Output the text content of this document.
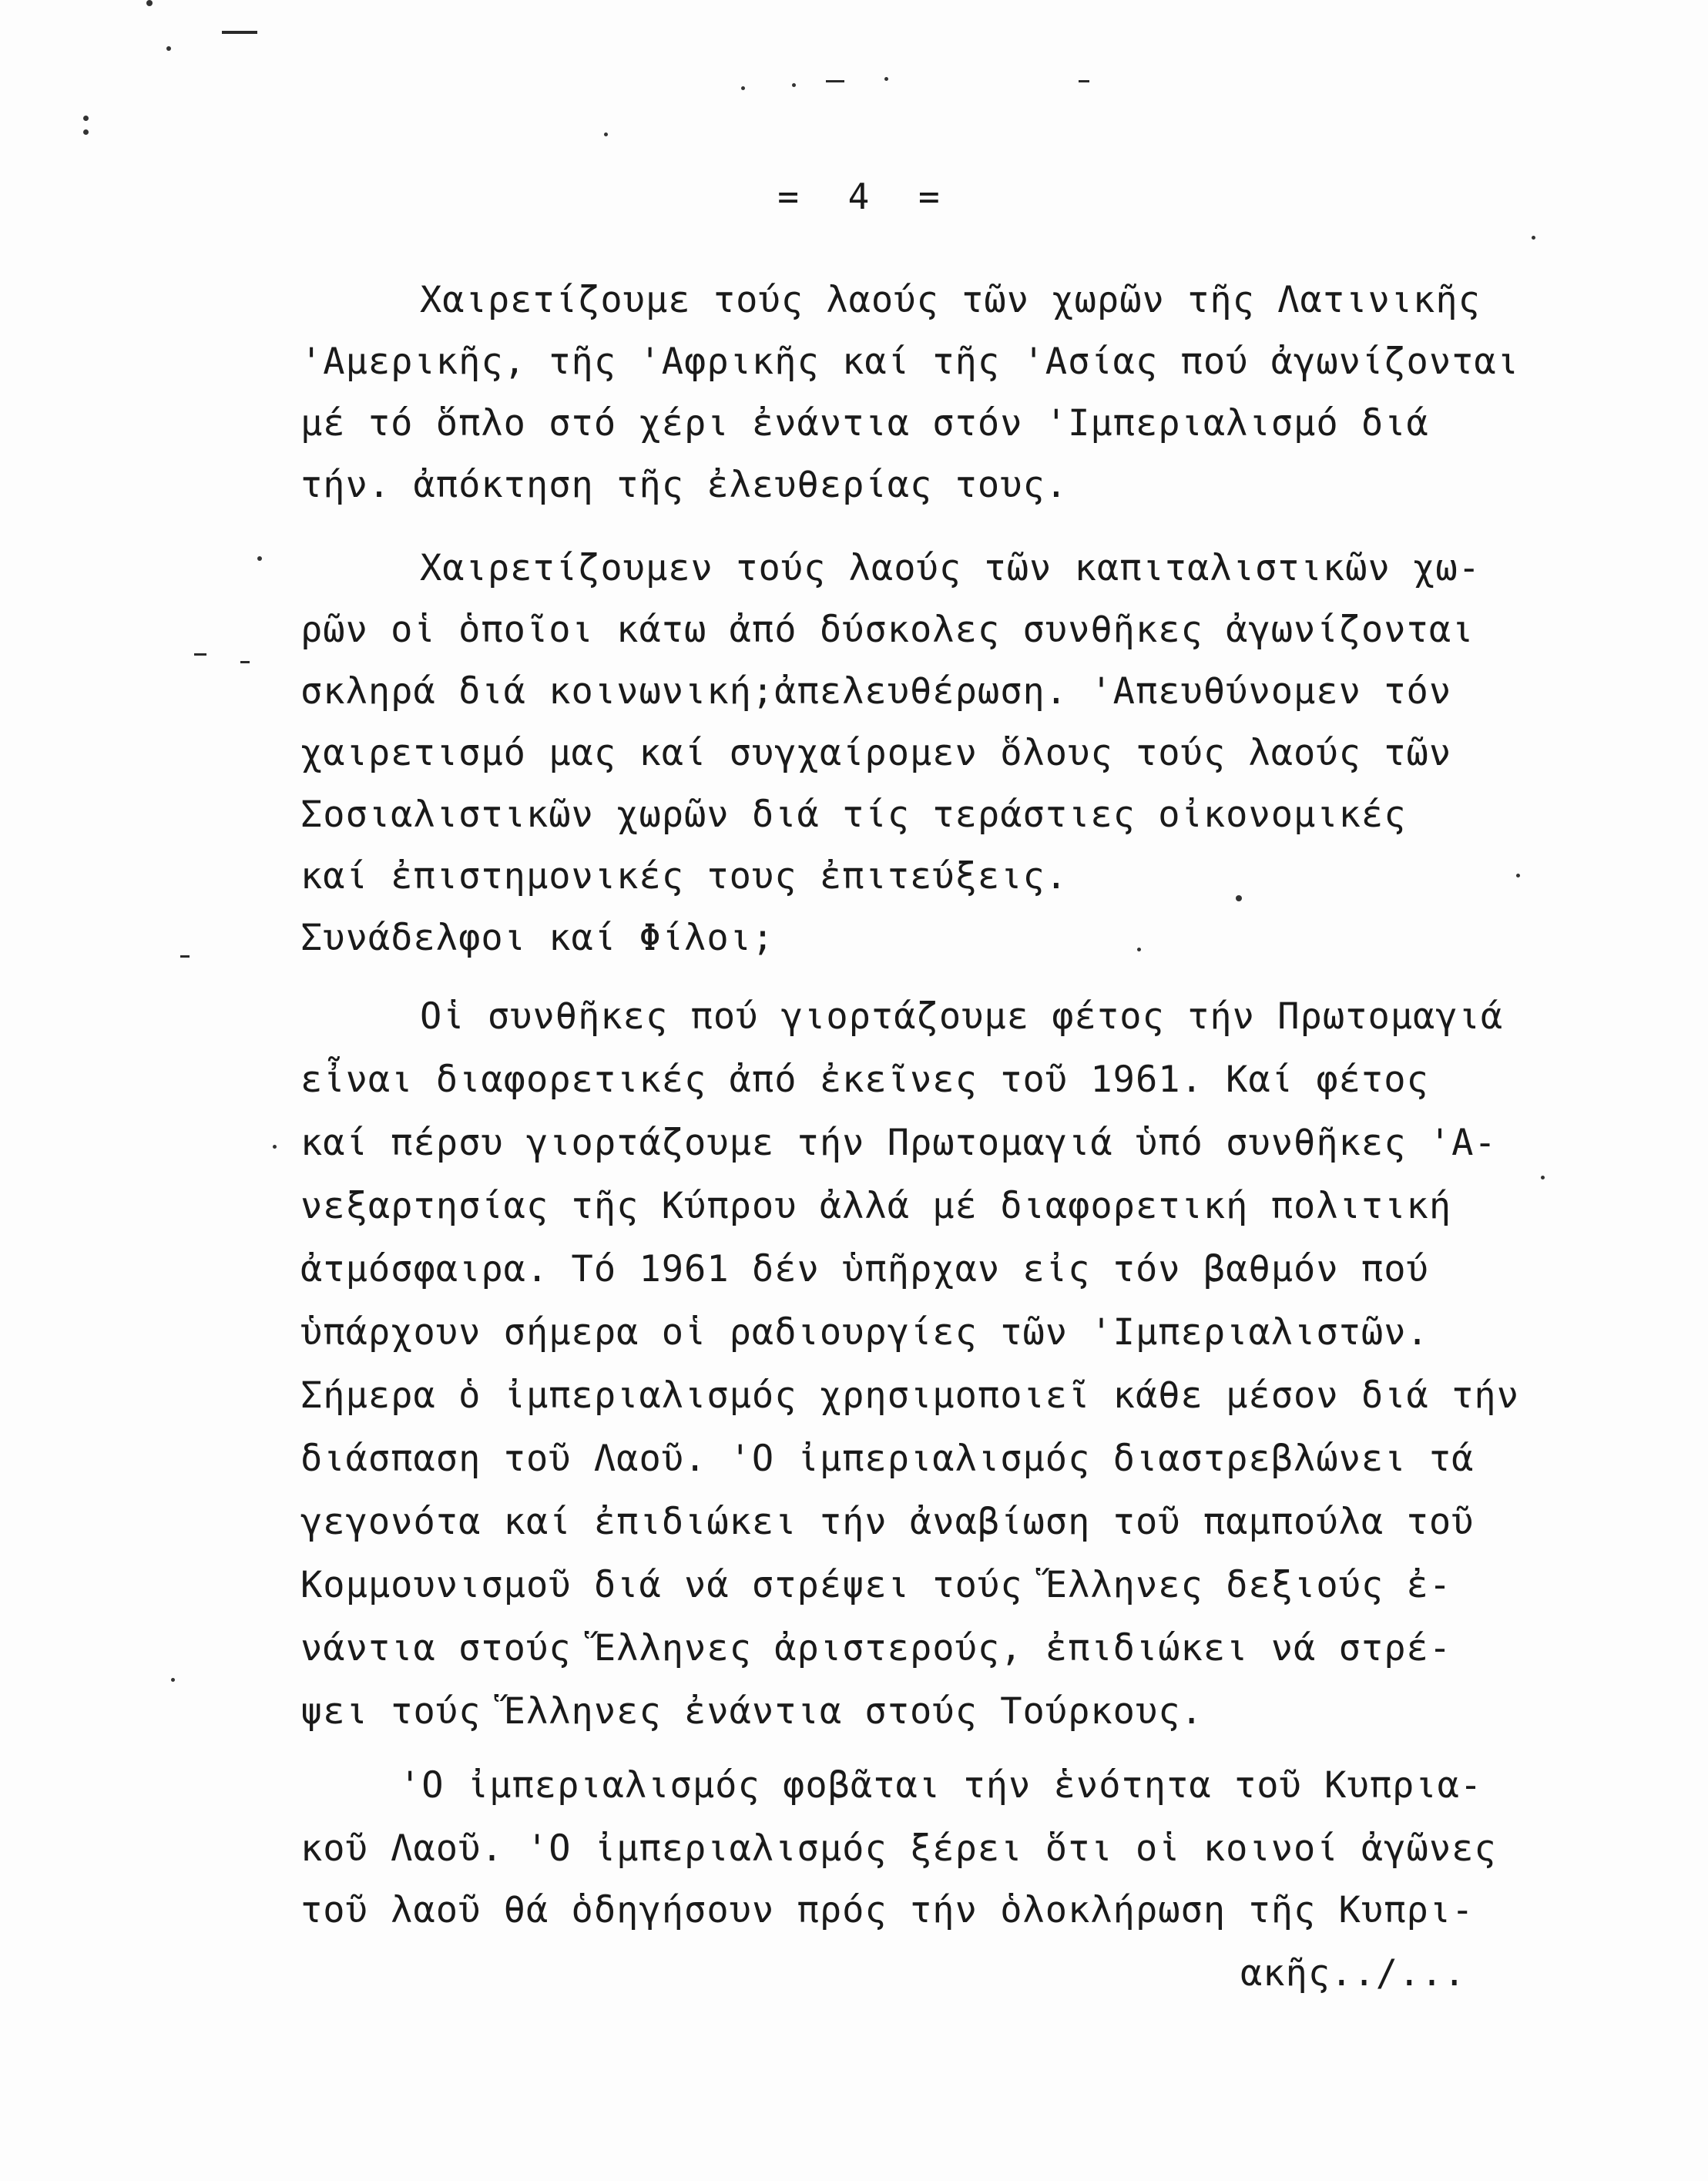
= 4 =
Χαιρετίζουμε τούς λαούς τῶν χωρῶν τῆς Λατινικῆς
'Αμερικῆς, τῆς 'Αφρικῆς καί τῆς 'Ασίας πού ἀγωνίζονται
μέ τό ὅπλο στό χέρι ἐνάντια στόν 'Ιμπεριαλισμό διά
τήν. ἀπόκτηση τῆς ἐλευθερίας τους.
Χαιρετίζουμεν τούς λαούς τῶν καπιταλιστικῶν χω-
ρῶν οἱ ὁποῖοι κάτω ἀπό δύσκολες συνθῆκες ἀγωνίζονται
σκληρά διά κοινωνική;ἀπελευθέρωση. 'Απευθύνομεν τόν
χαιρετισμό μας καί συγχαίρομεν ὅλους τούς λαούς τῶν
Σοσιαλιστικῶν χωρῶν διά τίς τεράστιες οἰκονομικές
καί ἐπιστημονικές τους ἐπιτεύξεις.
Συνάδελφοι καί Φίλοι;
Οἱ συνθῆκες πού γιορτάζουμε φέτος τήν Πρωτομαγιά
εἶναι διαφορετικές ἀπό ἐκεῖνες τοῦ 1961. Καί φέτος
καί πέρσυ γιορτάζουμε τήν Πρωτομαγιά ὑπό συνθῆκες 'Α-
νεξαρτησίας τῆς Κύπρου ἀλλά μέ διαφορετική πολιτική
ἀτμόσφαιρα. Τό 1961 δέν ὑπῆρχαν εἰς τόν βαθμόν πού
ὑπάρχουν σήμερα οἱ ραδιουργίες τῶν 'Ιμπεριαλιστῶν.
Σήμερα ὁ ἰμπεριαλισμός χρησιμοποιεῖ κάθε μέσον διά τήν
διάσπαση τοῦ Λαοῦ. 'Ο ἰμπεριαλισμός διαστρεβλώνει τά
γεγονότα καί ἐπιδιώκει τήν ἀναβίωση τοῦ παμπούλα τοῦ
Κομμουνισμοῦ διά νά στρέψει τούς Ἕλληνες δεξιούς ἐ-
νάντια στούς Ἕλληνες ἀριστερούς, ἐπιδιώκει νά στρέ-
ψει τούς Ἕλληνες ἐνάντια στούς Τούρκους.
'Ο ἰμπεριαλισμός φοβᾶται τήν ἑνότητα τοῦ Κυπρια-
κοῦ Λαοῦ. 'Ο ἰμπεριαλισμός ξέρει ὅτι οἱ κοινοί ἀγῶνες
τοῦ λαοῦ θά ὁδηγήσουν πρός τήν ὁλοκλήρωση τῆς Κυπρι-
ακῆς../...
